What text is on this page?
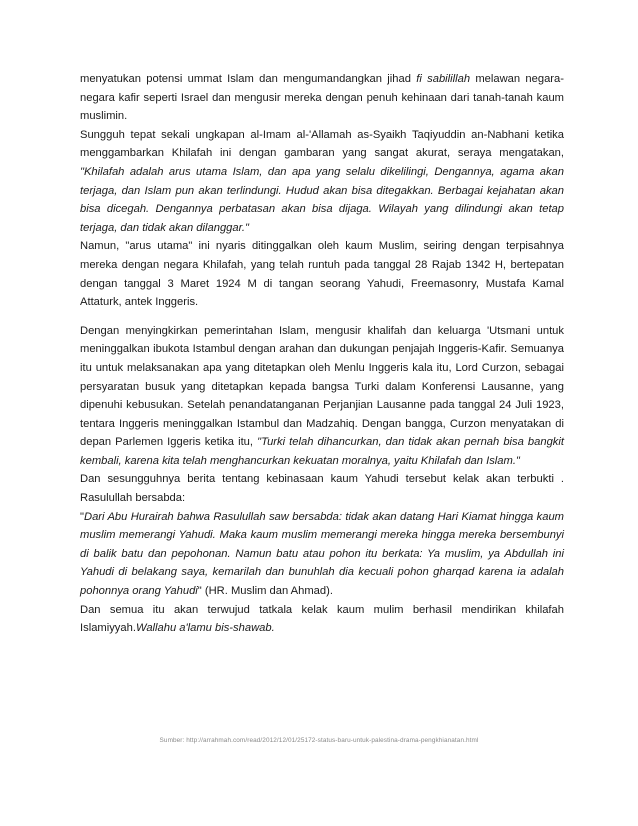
menyatukan potensi ummat Islam dan mengumandangkan jihad fi sabilillah melawan negara-negara kafir seperti Israel dan mengusir mereka dengan penuh kehinaan dari tanah-tanah kaum muslimin.
Sungguh tepat sekali ungkapan al-Imam al-'Allamah as-Syaikh Taqiyuddin an-Nabhani ketika menggambarkan Khilafah ini dengan gambaran yang sangat akurat, seraya mengatakan, "Khilafah adalah arus utama Islam, dan apa yang selalu dikelilingi, Dengannya, agama akan terjaga, dan Islam pun akan terlindungi. Hudud akan bisa ditegakkan. Berbagai kejahatan akan bisa dicegah. Dengannya perbatasan akan bisa dijaga. Wilayah yang dilindungi akan tetap terjaga, dan tidak akan dilanggar."
Namun, "arus utama" ini nyaris ditinggalkan oleh kaum Muslim, seiring dengan terpisahnya mereka dengan negara Khilafah, yang telah runtuh pada tanggal 28 Rajab 1342 H, bertepatan dengan tanggal 3 Maret 1924 M di tangan seorang Yahudi, Freemasonry, Mustafa Kamal Attaturk, antek Inggeris.

Dengan menyingkirkan pemerintahan Islam, mengusir khalifah dan keluarga 'Utsmani untuk meninggalkan ibukota Istambul dengan arahan dan dukungan penjajah Inggeris-Kafir. Semuanya itu untuk melaksanakan apa yang ditetapkan oleh Menlu Inggeris kala itu, Lord Curzon, sebagai persyaratan busuk yang ditetapkan kepada bangsa Turki dalam Konferensi Lausanne, yang dipenuhi kebusukan. Setelah penandatanganan Perjanjian Lausanne pada tanggal 24 Juli 1923, tentara Inggeris meninggalkan Istambul dan Madzahiq. Dengan bangga, Curzon menyatakan di depan Parlemen Iggeris ketika itu, "Turki telah dihancurkan, dan tidak akan pernah bisa bangkit kembali, karena kita telah menghancurkan kekuatan moralnya, yaitu Khilafah dan Islam."
Dan sesungguhnya berita tentang kebinasaan kaum Yahudi tersebut kelak akan terbukti . Rasulullah bersabda:
"Dari Abu Hurairah bahwa Rasulullah saw bersabda: tidak akan datang Hari Kiamat hingga kaum muslim memerangi Yahudi. Maka kaum muslim memerangi mereka hingga mereka bersembunyi di balik batu dan pepohonan. Namun batu atau pohon itu berkata: Ya muslim, ya Abdullah ini Yahudi di belakang saya, kemarilah dan bunuhlah dia kecuali pohon gharqad karena ia adalah pohonnya orang Yahudi" (HR. Muslim dan Ahmad).
Dan semua itu akan terwujud tatkala kelak kaum mulim berhasil mendirikan khilafah Islamiyyah.Wallahu a'lamu bis-shawab.

Sumber: http://arrahmah.com/read/2012/12/01/25172-status-baru-untuk-palestina-drama-pengkhianatan.html
